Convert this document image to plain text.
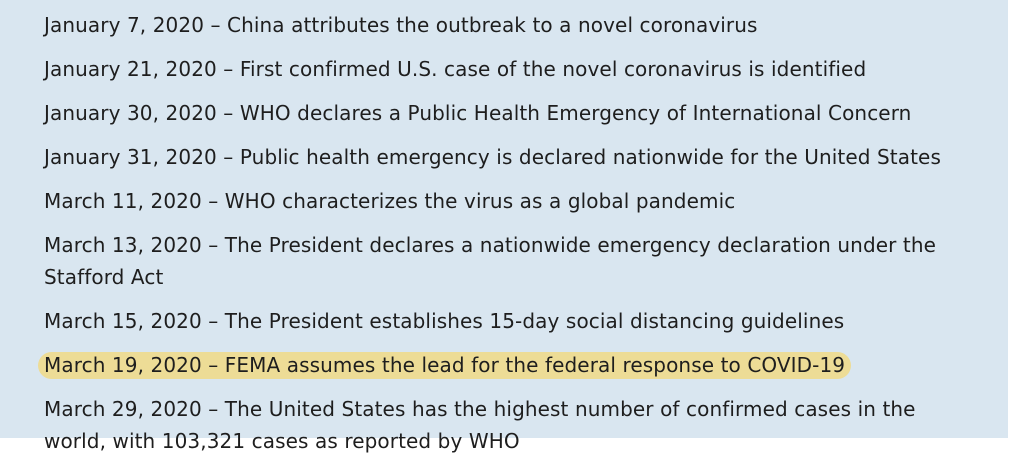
January 7, 2020 – China attributes the outbreak to a novel coronavirus
January 21, 2020 – First confirmed U.S. case of the novel coronavirus is identified
January 30, 2020 – WHO declares a Public Health Emergency of International Concern
January 31, 2020 – Public health emergency is declared nationwide for the United States
March 11, 2020 – WHO characterizes the virus as a global pandemic
March 13, 2020 – The President declares a nationwide emergency declaration under the Stafford Act
March 15, 2020 – The President establishes 15-day social distancing guidelines
March 19, 2020 – FEMA assumes the lead for the federal response to COVID-19
March 29, 2020 – The United States has the highest number of confirmed cases in the world, with 103,321 cases as reported by WHO
